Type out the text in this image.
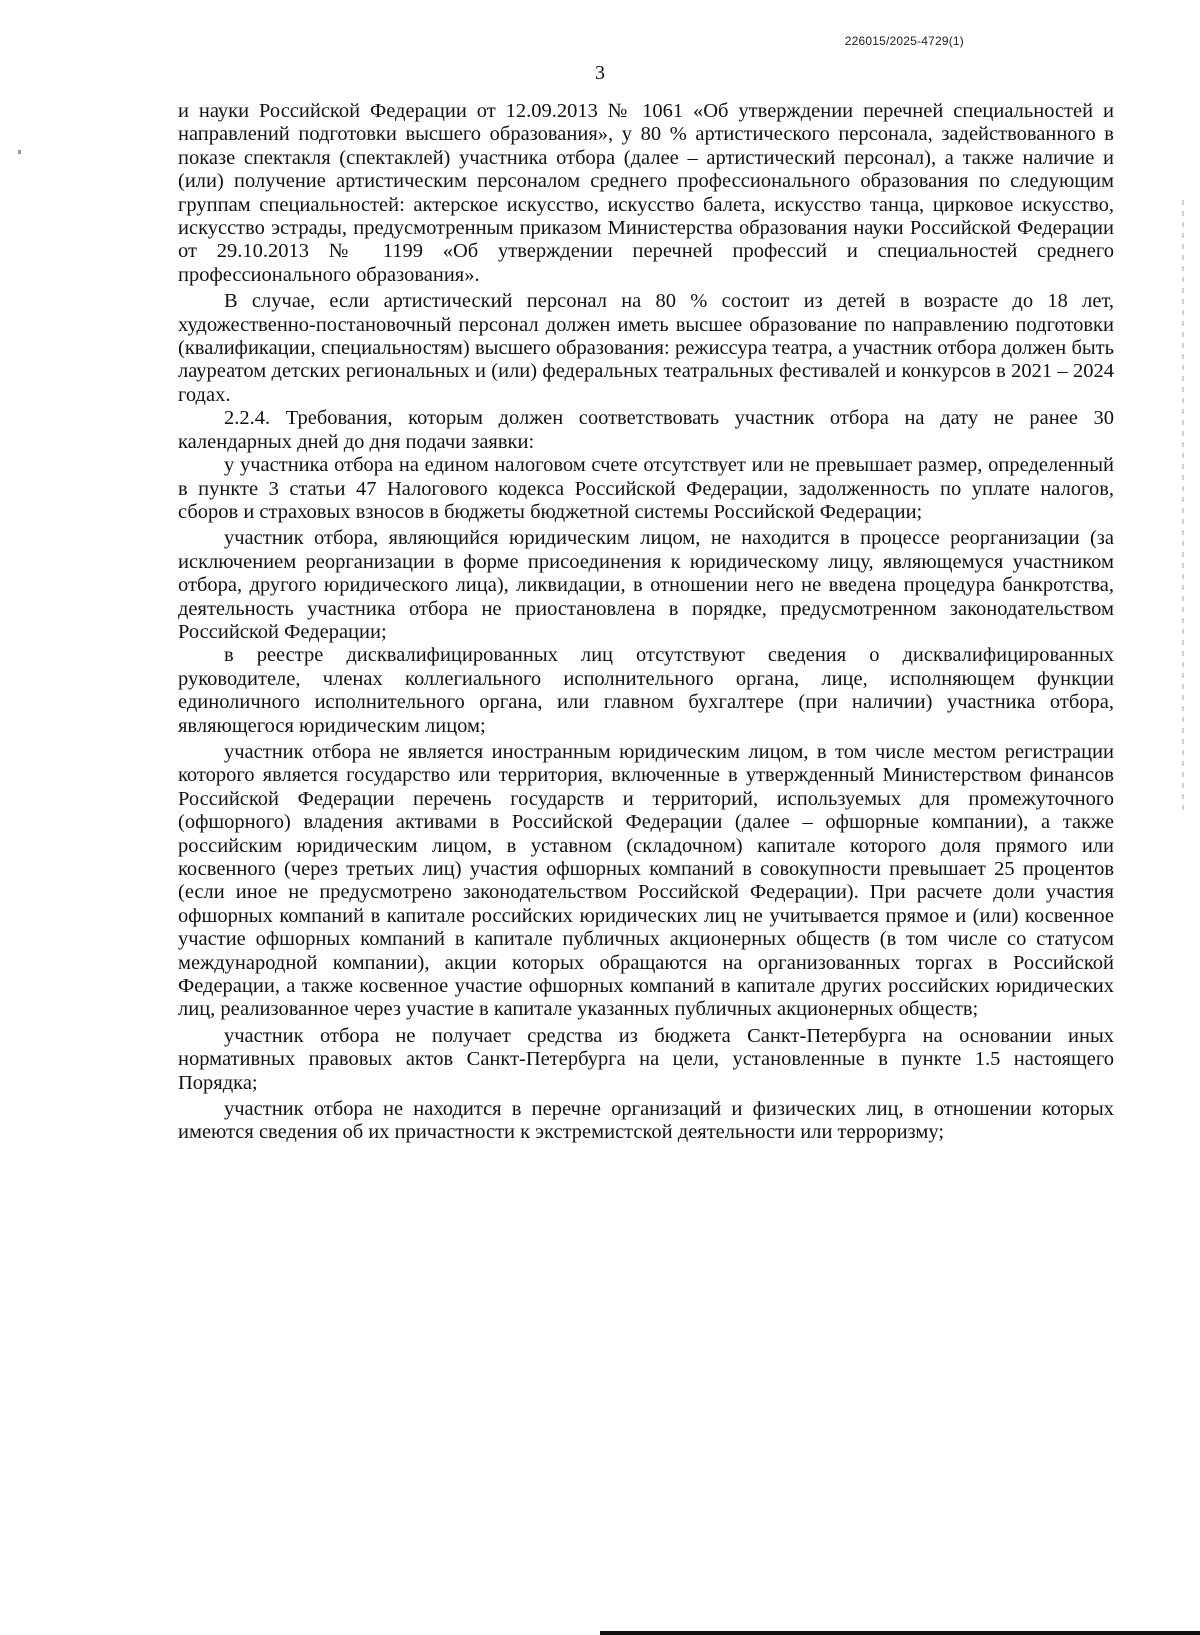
226015/2025-4729(1)
3

и науки Российской Федерации от 12.09.2013 № 1061 «Об утверждении перечней специальностей и направлений подготовки высшего образования», у 80 % артистического персонала, задействованного в показе спектакля (спектаклей) участника отбора (далее – артистический персонал), а также наличие и (или) получение артистическим персоналом среднего профессионального образования по следующим группам специальностей: актерское искусство, искусство балета, искусство танца, цирковое искусство, искусство эстрады, предусмотренным приказом Министерства образования науки Российской Федерации от 29.10.2013 № 1199 «Об утверждении перечней профессий и специальностей среднего профессионального образования».

В случае, если артистический персонал на 80 % состоит из детей в возрасте до 18 лет, художественно-постановочный персонал должен иметь высшее образование по направлению подготовки (квалификации, специальностям) высшего образования: режиссура театра, а участник отбора должен быть лауреатом детских региональных и (или) федеральных театральных фестивалей и конкурсов в 2021 – 2024 годах.

2.2.4. Требования, которым должен соответствовать участник отбора на дату не ранее 30 календарных дней до дня подачи заявки:

у участника отбора на едином налоговом счете отсутствует или не превышает размер, определенный в пункте 3 статьи 47 Налогового кодекса Российской Федерации, задолженность по уплате налогов, сборов и страховых взносов в бюджеты бюджетной системы Российской Федерации;

участник отбора, являющийся юридическим лицом, не находится в процессе реорганизации (за исключением реорганизации в форме присоединения к юридическому лицу, являющемуся участником отбора, другого юридического лица), ликвидации, в отношении него не введена процедура банкротства, деятельность участника отбора не приостановлена в порядке, предусмотренном законодательством Российской Федерации;

в реестре дисквалифицированных лиц отсутствуют сведения о дисквалифицированных руководителе, членах коллегиального исполнительного органа, лице, исполняющем функции единоличного исполнительного органа, или главном бухгалтере (при наличии) участника отбора, являющегося юридическим лицом;

участник отбора не является иностранным юридическим лицом, в том числе местом регистрации которого является государство или территория, включенные в утвержденный Министерством финансов Российской Федерации перечень государств и территорий, используемых для промежуточного (офшорного) владения активами в Российской Федерации (далее – офшорные компании), а также российским юридическим лицом, в уставном (складочном) капитале которого доля прямого или косвенного (через третьих лиц) участия офшорных компаний в совокупности превышает 25 процентов (если иное не предусмотрено законодательством Российской Федерации). При расчете доли участия офшорных компаний в капитале российских юридических лиц не учитывается прямое и (или) косвенное участие офшорных компаний в капитале публичных акционерных обществ (в том числе со статусом международной компании), акции которых обращаются на организованных торгах в Российской Федерации, а также косвенное участие офшорных компаний в капитале других российских юридических лиц, реализованное через участие в капитале указанных публичных акционерных обществ;

участник отбора не получает средства из бюджета Санкт-Петербурга на основании иных нормативных правовых актов Санкт-Петербурга на цели, установленные в пункте 1.5 настоящего Порядка;

участник отбора не находится в перечне организаций и физических лиц, в отношении которых имеются сведения об их причастности к экстремистской деятельности или терроризму;
